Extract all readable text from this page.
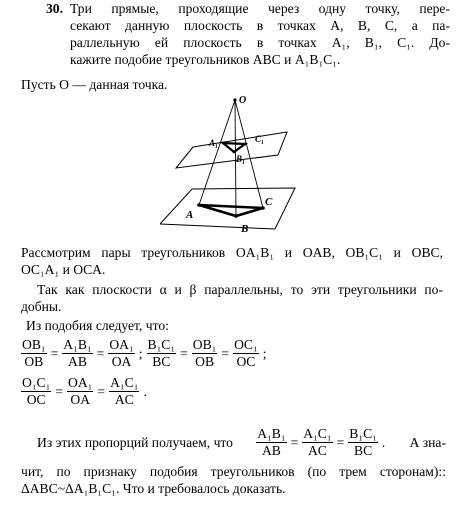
30. Три прямые, проходящие через одну точку, пере-
секают данную плоскость в точках A, B, C, а па-
раллельную ей плоскость в точках A₁, B₁, C₁. До-
кажите подобие треугольников ABC и A₁B₁C₁.
Пусть O — данная точка.
O
A₁
B₁
C₁
A
B
C
Рассмотрим пары треугольников OA₁B₁ и OAB, OB₁C₁ и OBC,
OC₁A₁ и OCA.
Так как плоскости α и β параллельны, то эти треугольники по-
добны.
Из подобия следует, что:
$\frac{\text{OB₁}}{OB} = \frac{\text{A₁B₁}}{AB} = \frac{\text{OA₁}}{OA}$ ; $\frac{\text{B₁C₁}}{BC} = \frac{\text{OB₁}}{OB} = \frac{\text{OC₁}}{OC}$ ;
$\frac{\text{O₁C₁}}{OC} = \frac{\text{OA₁}}{OA} = \frac{\text{A₁C₁}}{AC}$ .
Из этих пропорций получаем, что $\frac{\text{A₁B₁}}{AB} = \frac{\text{A₁C₁}}{AC} = \frac{\text{B₁C₁}}{BC}$ . А зна-
чит, по признаку подобия треугольников (по трем сторонам)::
ΔABC~ΔA₁B₁C₁. Что и требовалось доказать.
